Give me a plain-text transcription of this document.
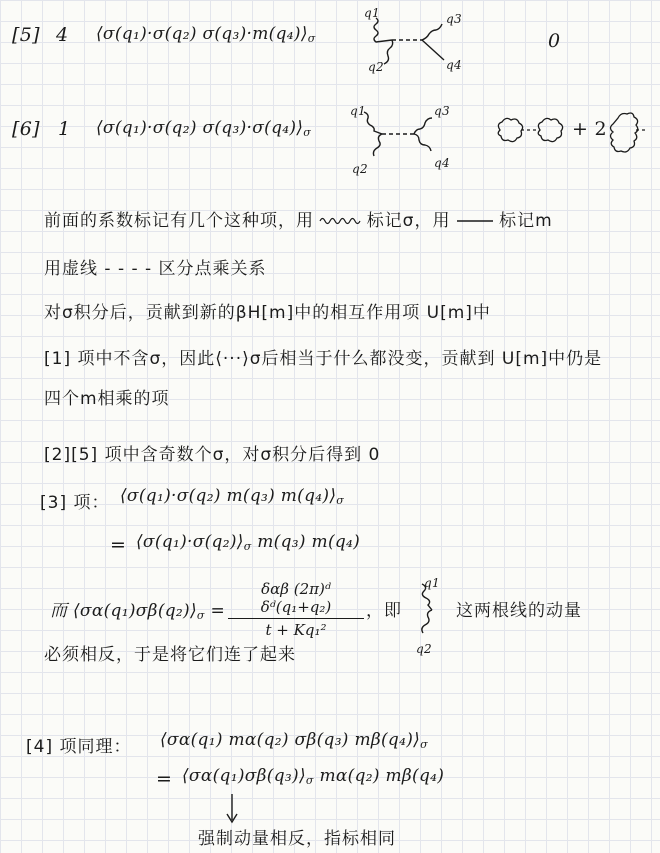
[5] 4 ⟨σ(q₁)·σ(q₂) $\sigma(q_3)\cdot m(q_4)⟩_\sigma$
q1
q2
q3
q4
0
[6] 1 ⟨σ(q₁)·σ(q₂) $\sigma(q_3)\cdot\sigma(q_4)⟩_\sigma$
q1
q2
q3
q4
+ 2
前面的系数标记有几个这种项，用	标记σ，用	标记m
用虚线 - - - - 区分点乘关系
对σ积分后，贡献到新的βH[m]中的相互作用项 U[m]中
[1] 项中不含σ，因此⟨···⟩σ后相当于什么都没变，贡献到 U[m]中仍是
四个m相乘的项
[2][5] 项中含奇数个σ，对σ积分后得到 0
[3] 项： ⟨σ(q₁)·σ(q₂) m(q₃) $m(q_4)⟩_\sigma$
= $⟨\sigma(q_1)\cdot\sigma(q_2)⟩_\sigma$ m(q₃) m(q₄)
而 $⟨\sigma\alpha(q_1)\sigma\beta(q_2)⟩_\sigma$ =
δαβ (2π)ᵈ δᵈ(q₁+q₂)
t + Kq₁²
，即
q1
q2
这两根线的动量
必须相反，于是将它们连了起来
[4] 项同理： ⟨σα(q₁) mα(q₂) σβ(q₃) $m\beta(q_4)⟩_\sigma$
= $⟨\sigma\alpha(q_1)\sigma\beta(q_3)⟩_\sigma$ mα(q₂) mβ(q₄)
强制动量相反，指标相同
